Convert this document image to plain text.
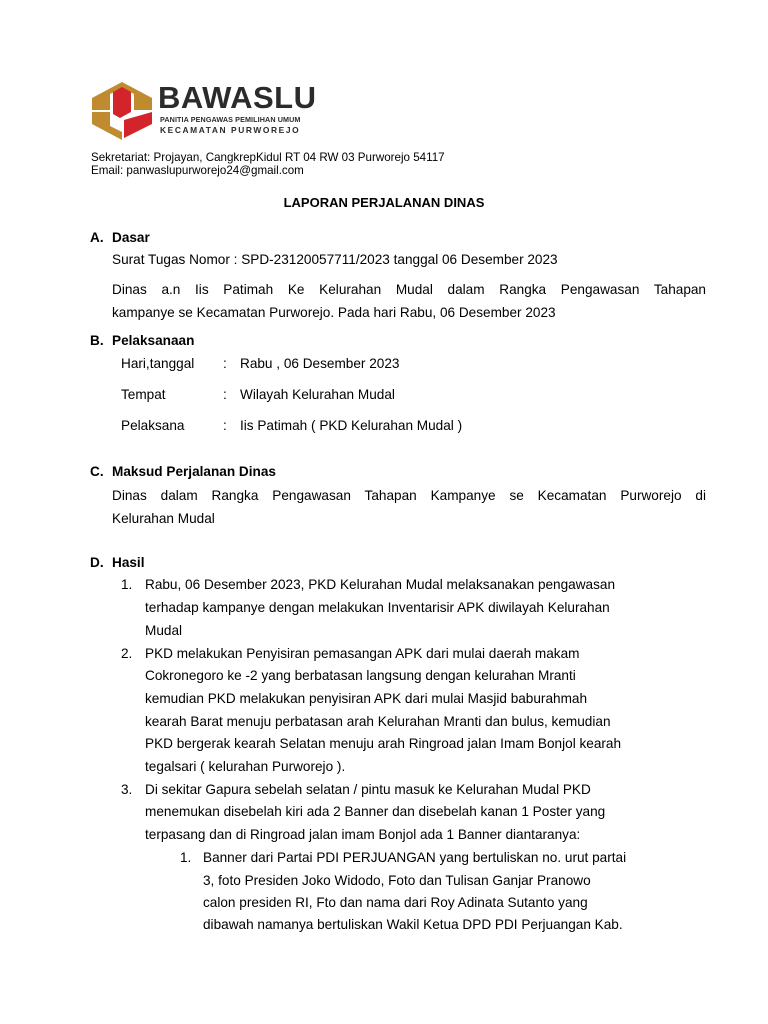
BAWASLU
PANITIA PENGAWAS PEMILIHAN UMUM
KECAMATAN PURWOREJO
Sekretariat: Projayan, CangkrepKidul RT 04 RW 03 Purworejo 54117
Email: panwaslupurworejo24@gmail.com
LAPORAN PERJALANAN DINAS
A. Dasar
Surat Tugas Nomor : SPD-23120057711/2023 tanggal 06 Desember 2023
Dinas a.n Iis Patimah Ke Kelurahan Mudal dalam Rangka Pengawasan Tahapan
kampanye se Kecamatan Purworejo. Pada hari Rabu, 06 Desember 2023
B. Pelaksanaan
Hari,tanggal : Rabu , 06 Desember 2023
Tempat	: Wilayah Kelurahan Mudal
Pelaksana	: Iis Patimah ( PKD Kelurahan Mudal )
C. Maksud Perjalanan Dinas
Dinas dalam Rangka Pengawasan Tahapan Kampanye se Kecamatan Purworejo di
Kelurahan Mudal
D. Hasil
1. Rabu, 06 Desember 2023, PKD Kelurahan Mudal melaksanakan pengawasan
terhadap kampanye dengan melakukan Inventarisir APK diwilayah Kelurahan
Mudal
2. PKD melakukan Penyisiran pemasangan APK dari mulai daerah makam
Cokronegoro ke -2 yang berbatasan langsung dengan kelurahan Mranti
kemudian PKD melakukan penyisiran APK dari mulai Masjid baburahmah
kearah Barat menuju perbatasan arah Kelurahan Mranti dan bulus, kemudian
PKD bergerak kearah Selatan menuju arah Ringroad jalan Imam Bonjol kearah
tegalsari ( kelurahan Purworejo ).
3. Di sekitar Gapura sebelah selatan / pintu masuk ke Kelurahan Mudal PKD
menemukan disebelah kiri ada 2 Banner dan disebelah kanan 1 Poster yang
terpasang dan di Ringroad jalan imam Bonjol ada 1 Banner diantaranya:
1. Banner dari Partai PDI PERJUANGAN yang bertuliskan no. urut partai
3, foto Presiden Joko Widodo, Foto dan Tulisan Ganjar Pranowo
calon presiden RI, Fto dan nama dari Roy Adinata Sutanto yang
dibawah namanya bertuliskan Wakil Ketua DPD PDI Perjuangan Kab.
